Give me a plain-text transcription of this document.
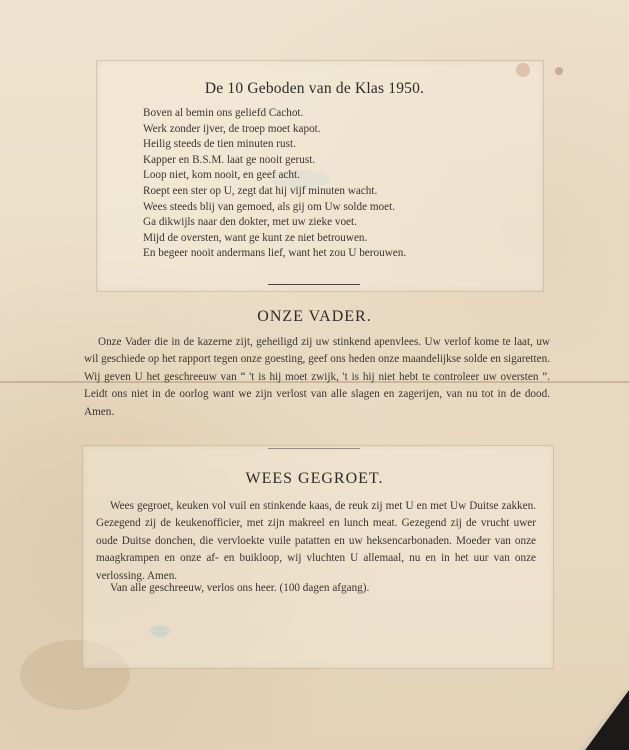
De 10 Geboden van de Klas 1950.
Boven al bemin ons geliefd Cachot.
Werk zonder ijver, de troep moet kapot.
Heilig steeds de tien minuten rust.
Kapper en B.S.M. laat ge nooit gerust.
Loop niet, kom nooit, en geef acht.
Roept een ster op U, zegt dat hij vijf minuten wacht.
Wees steeds blij van gemoed, als gij om Uw solde moet.
Ga dikwijls naar den dokter, met uw zieke voet.
Mijd de oversten, want ge kunt ze niet betrouwen.
En begeer nooit andermans lief, want het zou U berouwen.
ONZE VADER.

Onze Vader die in de kazerne zijt, geheiligd zij uw stinkend apenvlees. Uw verlof kome te laat, uw wil geschiede op het rapport tegen onze goesting, geef ons heden onze maandelijkse solde en sigaretten. Wij geven U het geschreeuw van “ 't is hij moet zwijk, 't is hij niet hebt te controleer uw oversten ”. Leidt ons niet in de oorlog want we zijn verlost van alle slagen en zagerijen, van nu tot in de dood. Amen.

WEES GEGROET.

Wees gegroet, keuken vol vuil en stinkende kaas, de reuk zij met U en met Uw Duitse zakken. Gezegend zij de keukenofficier, met zijn makreel en lunch meat. Gezegend zij de vrucht uwer oude Duitse donchen, die vervloekte vuile patatten en uw heksencarbonaden. Moeder van onze maagkrampen en onze af- en buikloop, wij vluchten U allemaal, nu en in het uur van onze verlossing. Amen.

Van alle geschreeuw, verlos ons heer. (100 dagen afgang).
